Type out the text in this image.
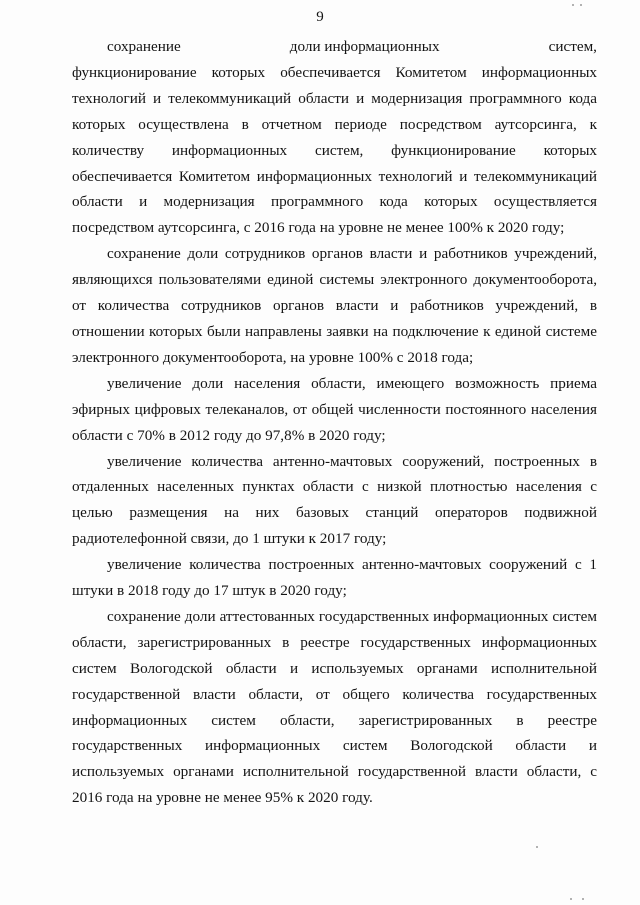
9
сохранение	доли информационных	систем,

функционирование которых обеспечивается Комитетом информационных технологий и телекоммуникаций области и модернизация программного кода которых осуществлена в отчетном периоде посредством аутсорсинга, к количеству информационных систем, функционирование которых обеспечивается Комитетом информационных технологий и телекоммуникаций области и модернизация программного кода которых осуществляется посредством аутсорсинга, с 2016 года на уровне не менее 100% к 2020 году;

сохранение доли сотрудников органов власти и работников учреждений, являющихся пользователями единой системы электронного документооборота, от количества сотрудников органов власти и работников учреждений, в отношении которых были направлены заявки на подключение к единой системе электронного документооборота, на уровне 100% с 2018 года;

увеличение доли населения области, имеющего возможность приема эфирных цифровых телеканалов, от общей численности постоянного населения области с 70% в 2012 году до 97,8% в 2020 году;

увеличение количества антенно-мачтовых сооружений, построенных в отдаленных населенных пунктах области с низкой плотностью населения с целью размещения на них базовых станций операторов подвижной радиотелефонной связи, до 1 штуки к 2017 году;

увеличение количества построенных антенно-мачтовых сооружений с 1 штуки в 2018 году до 17 штук в 2020 году;

сохранение доли аттестованных государственных информационных систем области, зарегистрированных в реестре государственных информационных систем Вологодской области и используемых органами исполнительной государственной власти области, от общего количества государственных информационных систем области, зарегистрированных в реестре государственных информационных систем Вологодской области и используемых органами исполнительной государственной власти области, с 2016 года на уровне не менее 95% к 2020 году.
